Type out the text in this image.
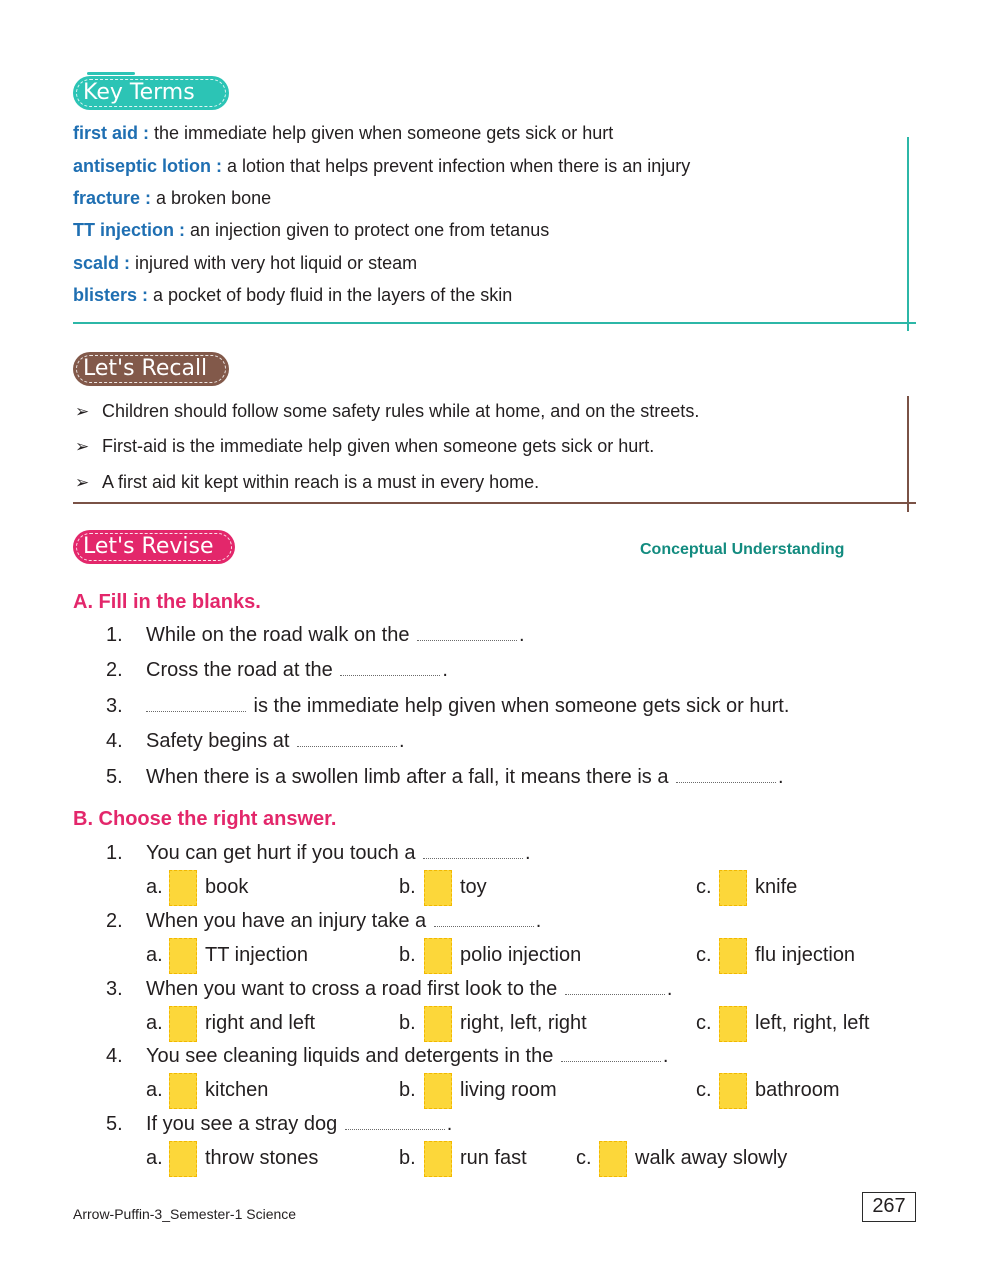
Key Terms
first aid : the immediate help given when someone gets sick or hurt
antiseptic lotion : a lotion that helps prevent infection when there is an injury
fracture : a broken bone
TT injection : an injection given to protect one from tetanus
scald : injured with very hot liquid or steam
blisters : a pocket of body fluid in the layers of the skin
Let's Recall
➢ Children should follow some safety rules while at home, and on the streets.
➢ First-aid is the immediate help given when someone gets sick or hurt.
➢ A first aid kit kept within reach is a must in every home.
Let's Revise	Conceptual Understanding
A. Fill in the blanks.
1. While on the road walk on the	.
2. Cross the road at the	.
3.	is the immediate help given when someone gets sick or hurt.
4. Safety begins at	.
5. When there is a swollen limb after a fall, it means there is a	.
B. Choose the right answer.
1. You can get hurt if you touch a	.
a. book	b. toy	c. knife
2. When you have an injury take a	.
a. TT injection	b. polio injection	c. flu injection
3. When you want to cross a road first look to the	.
a. right and left	b. right, left, right	c. left, right, left
4. You see cleaning liquids and detergents in the	.
a. kitchen	b. living room	c. bathroom
5. If you see a stray dog	.
a. throw stones	b. run fast c. walk away slowly
Arrow-Puffin-3_Semester-1 Science	267
